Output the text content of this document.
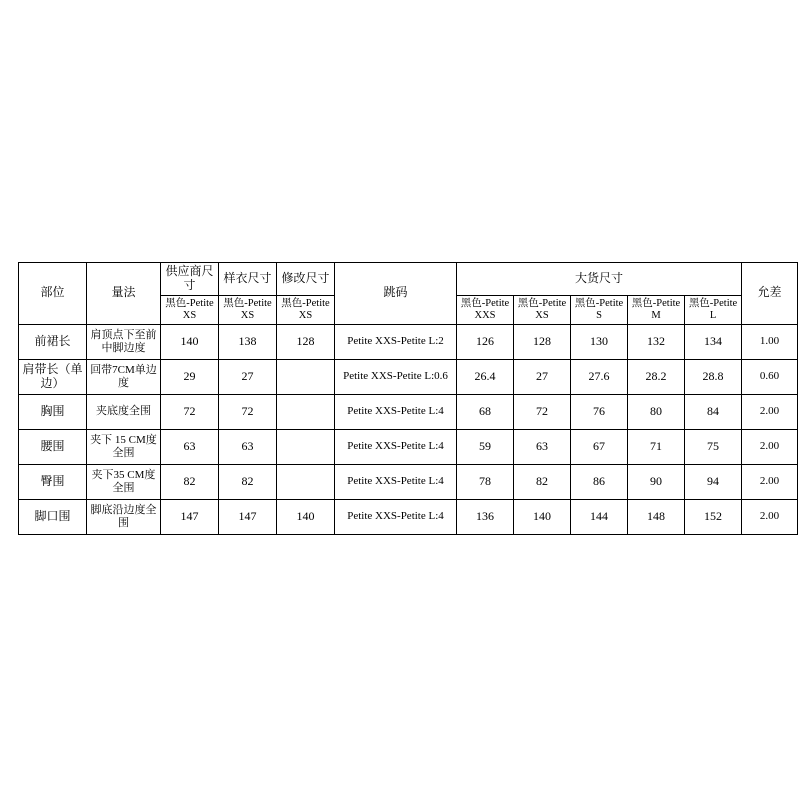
部位	量法	供应商尺寸	样衣尺寸	修改尺寸	跳码	大货尺寸					允差
		黑色-Petite XS	黑色-Petite XS	黑色-Petite XS		黑色-Petite XXS	黑色-Petite XS	黑色-Petite S	黑色-Petite M	黑色-Petite L	
前裙长	肩顶点下至前中脚边度	140	138	128	Petite XXS-Petite L:2	126	128	130	132	134	1.00
肩带长（单边）	回带7CM单边度	29	27		Petite XXS-Petite L:0.6	26.4	27	27.6	28.2	28.8	0.60
胸围	夹底度全围	72	72		Petite XXS-Petite L:4	68	72	76	80	84	2.00
腰围	夹下 15 CM度全围	63	63		Petite XXS-Petite L:4	59	63	67	71	75	2.00
臀围	夹下35 CM度全围	82	82		Petite XXS-Petite L:4	78	82	86	90	94	2.00
脚口围	脚底沿边度全围	147	147	140	Petite XXS-Petite L:4	136	140	144	148	152	2.00
